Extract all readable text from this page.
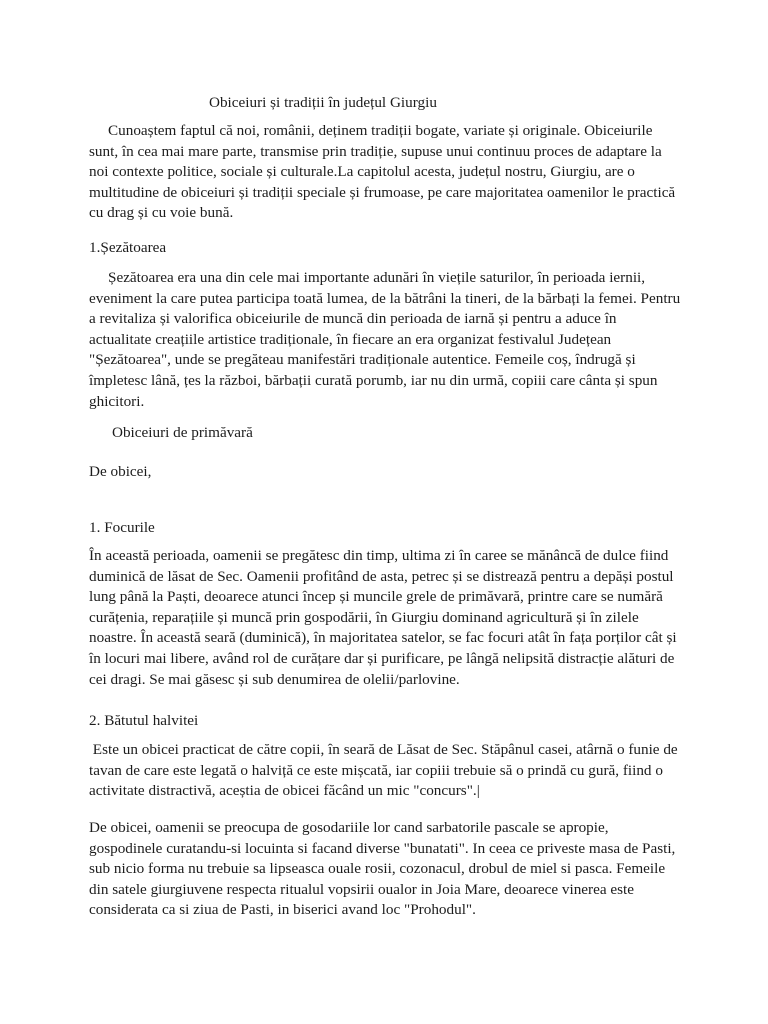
Obiceiuri și tradiții în județul Giurgiu
Cunoaștem faptul că noi, românii, deținem tradiții bogate, variate și originale. Obiceiurile
sunt, în cea mai mare parte, transmise prin tradiție, supuse unui continuu proces de adaptare la
noi contexte politice, sociale și culturale.La capitolul acesta, județul nostru, Giurgiu, are o
multitudine de obiceiuri și tradiții speciale și frumoase, pe care majoritatea oamenilor le practică
cu drag și cu voie bună.
1.Șezătoarea
Șezătoarea era una din cele mai importante adunări în viețile saturilor, în perioada iernii,
eveniment la care putea participa toată lumea, de la bătrâni la tineri, de la bărbați la femei. Pentru
a revitaliza și valorifica obiceiurile de muncă din perioada de iarnă și pentru a aduce în
actualitate creațiile artistice tradiționale, în fiecare an era organizat festivalul Județean
"Șezătoarea", unde se pregăteau manifestări tradiționale autentice. Femeile coș, îndrugă și
împletesc lână, țes la război, bărbații curată porumb, iar nu din urmă, copiii care cânta și spun
ghicitori.
Obiceiuri de primăvară
De obicei,
1. Focurile
În această perioada, oamenii se pregătesc din timp, ultima zi în caree se mănâncă de dulce fiind
duminică de lăsat de Sec. Oamenii profitând de asta, petrec și se distrează pentru a depăși postul
lung până la Paști, deoarece atunci încep și muncile grele de primăvară, printre care se numără
curățenia, reparațiile și muncă prin gospodării, în Giurgiu dominand agricultură și în zilele
noastre. În această seară (duminică), în majoritatea satelor, se fac focuri atât în fața porților cât și
în locuri mai libere, având rol de curățare dar și purificare, pe lângă nelipsită distracție alături de
cei dragi. Se mai găsesc și sub denumirea de olelii/parlovine.
2. Bătutul halvitei
Este un obicei practicat de către copii, în seară de Lăsat de Sec. Stăpânul casei, atârnă o funie de
tavan de care este legată o halviță ce este mișcată, iar copiii trebuie să o prindă cu gură, fiind o
activitate distractivă, aceștia de obicei făcând un mic "concurs".|
De obicei, oamenii se preocupa de gosodariile lor cand sarbatorile pascale se apropie,
gospodinele curatandu-si locuinta si facand diverse "bunatati". In ceea ce priveste masa de Pasti,
sub nicio forma nu trebuie sa lipseasca ouale rosii, cozonacul, drobul de miel si pasca. Femeile
din satele giurgiuvene respecta ritualul vopsirii oualor in Joia Mare, deoarece vinerea este
considerata ca si ziua de Pasti, in biserici avand loc "Prohodul".
